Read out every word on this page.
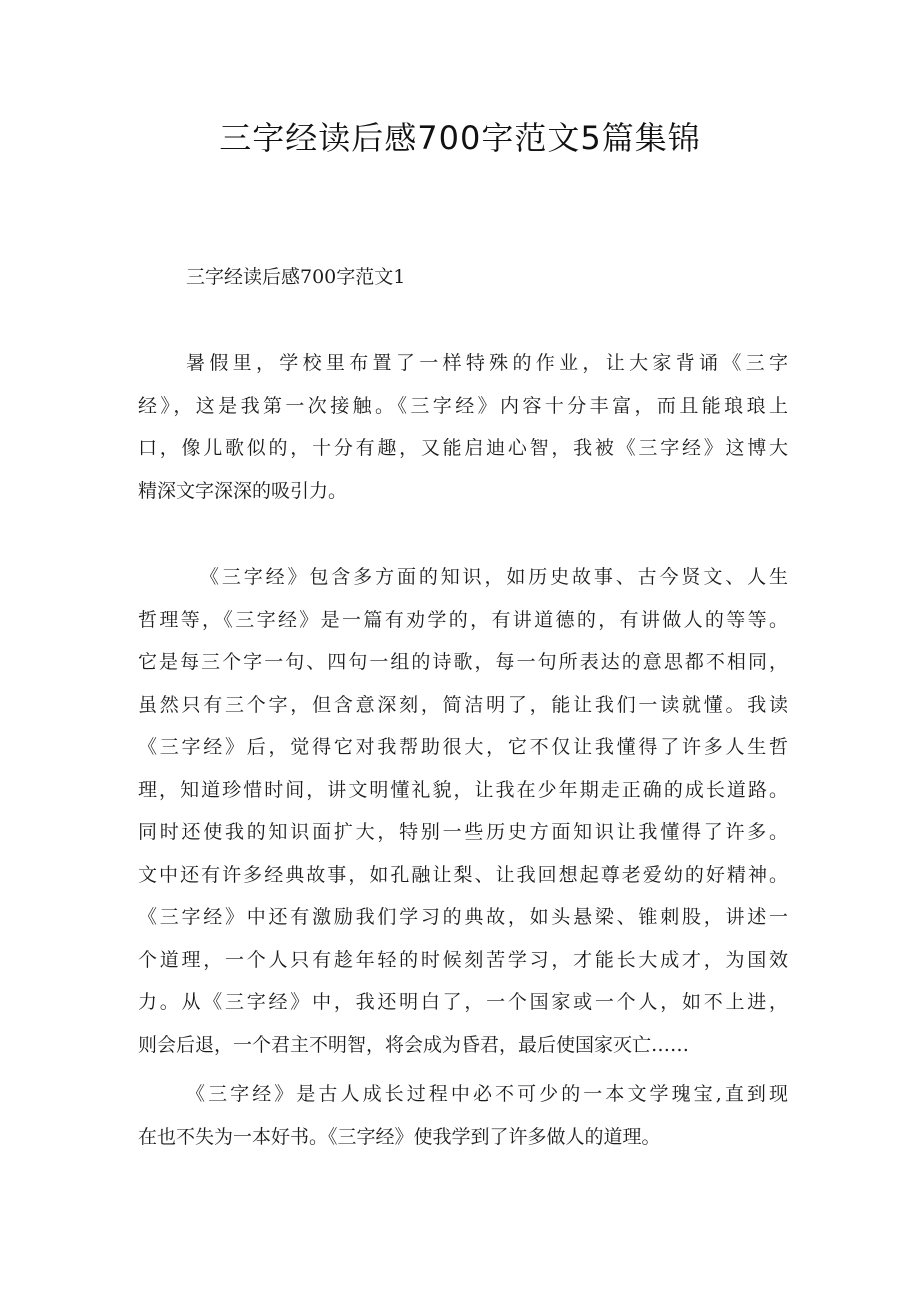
三字经读后感700字范文5篇集锦
三字经读后感700字范文1
暑假里，学校里布置了一样特殊的作业，让大家背诵《三字
经》，这是我第一次接触。《三字经》内容十分丰富，而且能琅琅上
口，像儿歌似的，十分有趣，又能启迪心智，我被《三字经》这博大
精深文字深深的吸引力。
《三字经》包含多方面的知识，如历史故事、古今贤文、人生
哲理等，《三字经》是一篇有劝学的，有讲道德的，有讲做人的等等。
它是每三个字一句、四句一组的诗歌，每一句所表达的意思都不相同，
虽然只有三个字，但含意深刻，简洁明了，能让我们一读就懂。我读
《三字经》后，觉得它对我帮助很大，它不仅让我懂得了许多人生哲
理，知道珍惜时间，讲文明懂礼貌，让我在少年期走正确的成长道路。
同时还使我的知识面扩大，特别一些历史方面知识让我懂得了许多。
文中还有许多经典故事，如孔融让梨、让我回想起尊老爱幼的好精神。
《三字经》中还有激励我们学习的典故，如头悬梁、锥刺股，讲述一
个道理，一个人只有趁年轻的时候刻苦学习，才能长大成才，为国效
力。从《三字经》中，我还明白了，一个国家或一个人，如不上进，
则会后退，一个君主不明智，将会成为昏君，最后使国家灭亡……
《三字经》是古人成长过程中必不可少的一本文学瑰宝,直到现
在也不失为一本好书。《三字经》使我学到了许多做人的道理。
